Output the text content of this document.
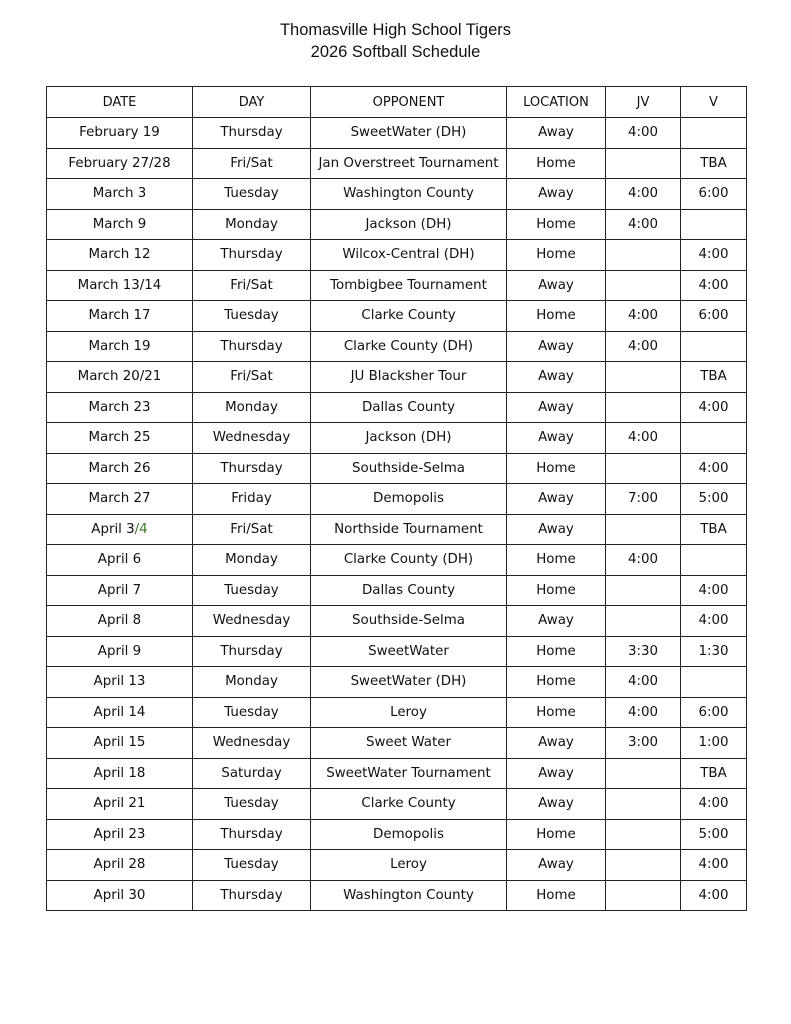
Thomasville High School Tigers
2026 Softball Schedule
DATE	DAY	OPPONENT	LOCATION	JV	V
February 19	Thursday	SweetWater (DH)	Away	4:00	
February 27/28	Fri/Sat	Jan Overstreet Tournament	Home		TBA
March 3	Tuesday	Washington County	Away	4:00	6:00
March 9	Monday	Jackson (DH)	Home	4:00	
March 12	Thursday	Wilcox-Central (DH)	Home		4:00
March 13/14	Fri/Sat	Tombigbee Tournament	Away		4:00
March 17	Tuesday	Clarke County	Home	4:00	6:00
March 19	Thursday	Clarke County (DH)	Away	4:00	
March 20/21	Fri/Sat	JU Blacksher Tour	Away		TBA
March 23	Monday	Dallas County	Away		4:00
March 25	Wednesday	Jackson (DH)	Away	4:00	
March 26	Thursday	Southside-Selma	Home		4:00
March 27	Friday	Demopolis	Away	7:00	5:00
April 3/4	Fri/Sat	Northside Tournament	Away		TBA
April 6	Monday	Clarke County (DH)	Home	4:00	
April 7	Tuesday	Dallas County	Home		4:00
April 8	Wednesday	Southside-Selma	Away		4:00
April 9	Thursday	SweetWater	Home	3:30	1:30
April 13	Monday	SweetWater (DH)	Home	4:00	
April 14	Tuesday	Leroy	Home	4:00	6:00
April 15	Wednesday	Sweet Water	Away	3:00	1:00
April 18	Saturday	SweetWater Tournament	Away		TBA
April 21	Tuesday	Clarke County	Away		4:00
April 23	Thursday	Demopolis	Home		5:00
April 28	Tuesday	Leroy	Away		4:00
April 30	Thursday	Washington County	Home		4:00
